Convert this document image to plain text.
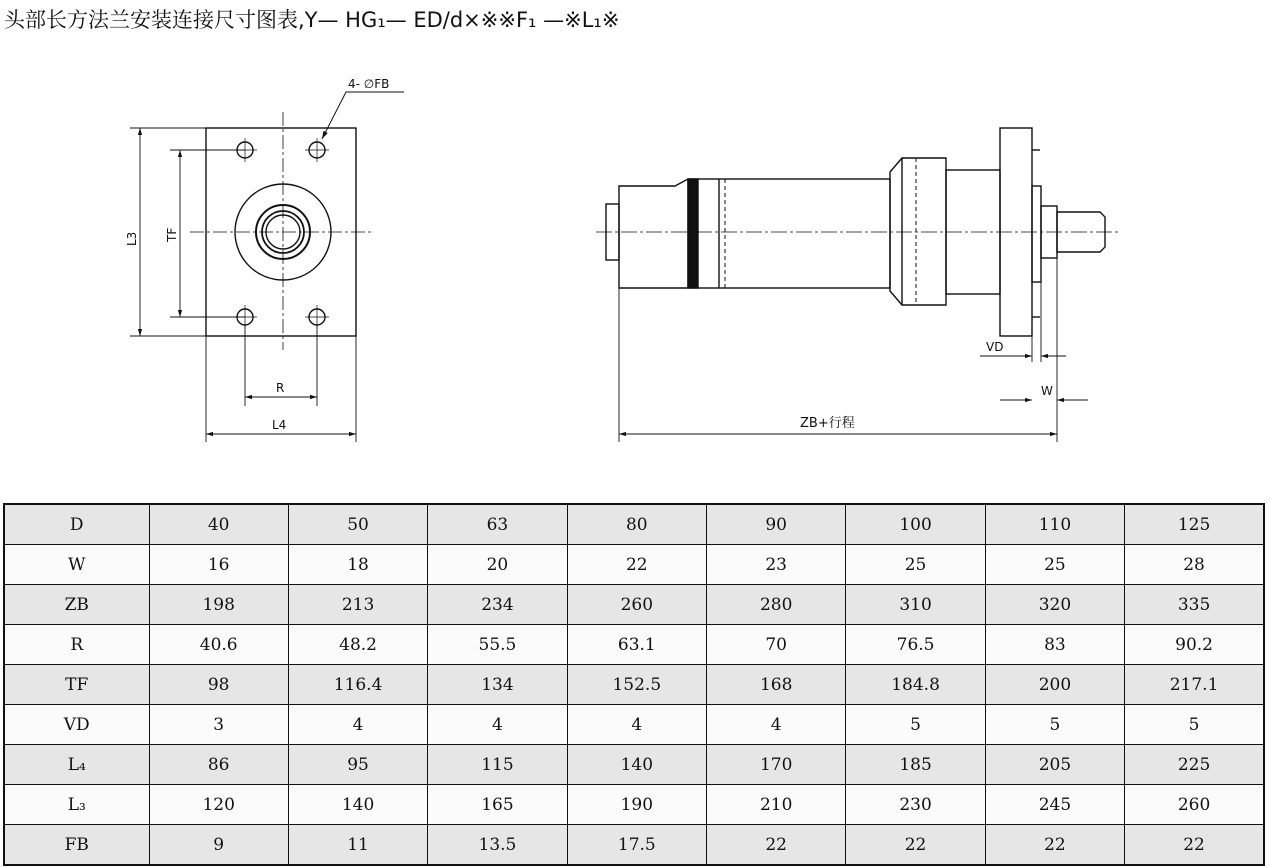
头部长方法兰安装连接尺寸图表,Y— HG₁— ED/d×※※F₁ —※L₁※
4- ∅FB
L3 TF
R
L4
VD
W
ZB+行程
D	40	50	63	80	90	100	110	125
W	16	18	20	22	23	25	25	28
ZB	198	213	234	260	280	310	320	335
R	40.6	48.2	55.5	63.1	70	76.5	83	90.2
TF	98	116.4	134	152.5	168	184.8	200	217.1
VD	3	4	4	4	4	5	5	5
L₄	86	95	115	140	170	185	205	225
L₃	120	140	165	190	210	230	245	260
FB	9	11	13.5	17.5	22	22	22	22
